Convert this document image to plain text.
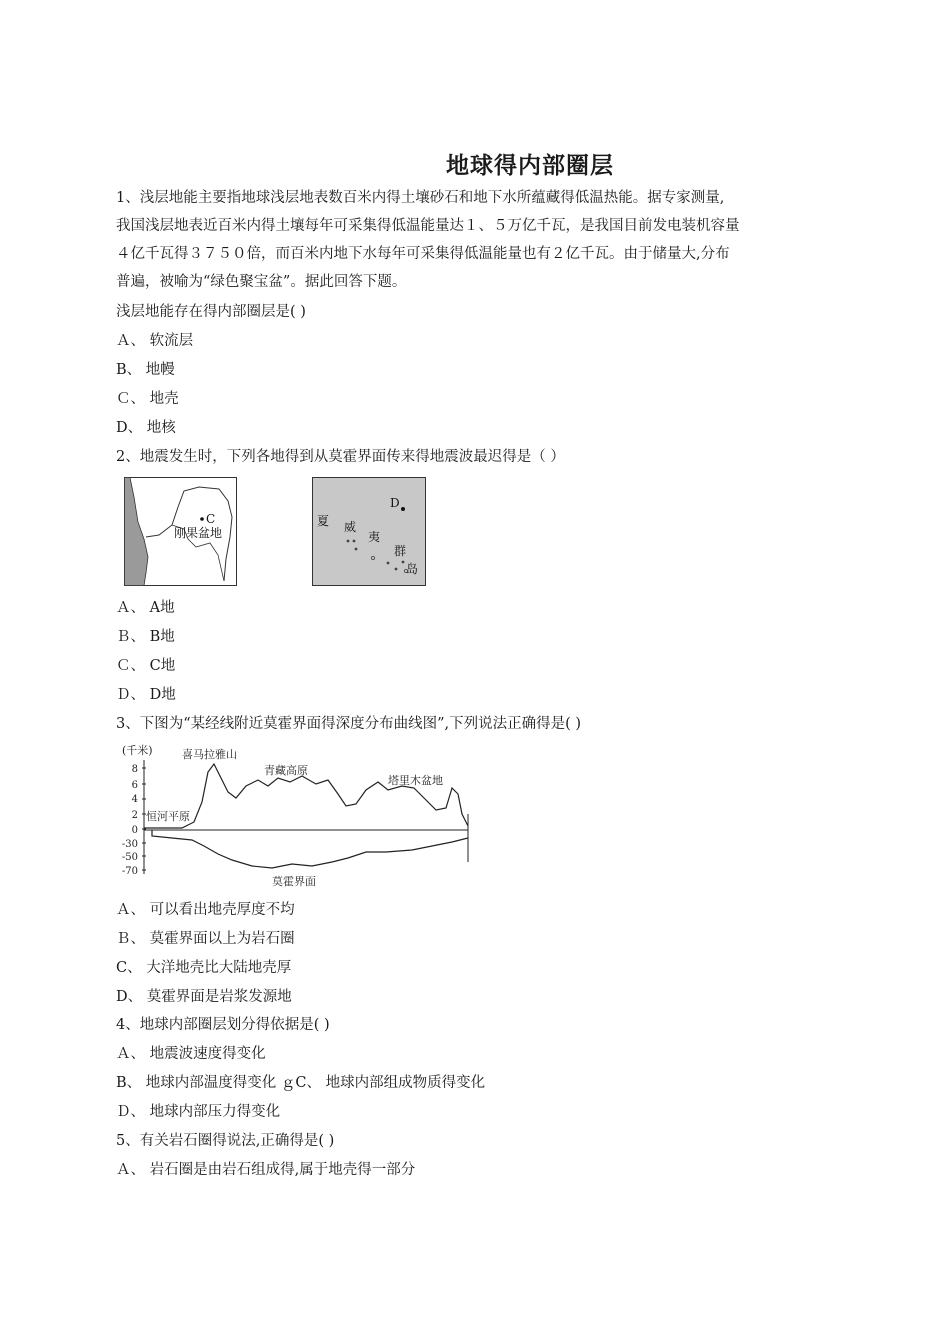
地球得内部圈层
1、浅层地能主要指地球浅层地表数百米内得土壤砂石和地下水所蕴藏得低温热能。据专家测量,
我国浅层地表近百米内得土壤每年可采集得低温能量达１、５万亿千瓦，是我国目前发电装机容量
４亿千瓦得３７５０倍，而百米内地下水每年可采集得低温能量也有２亿千瓦。由于储量大,分布
普遍，被喻为“绿色聚宝盆”。据此回答下题。
浅层地能存在得内部圈层是( )
Ａ、 软流层
B、 地幔
Ｃ、 地壳
D、 地核
2、地震发生时，下列各地得到从莫霍界面传来得地震波最迟得是（ ）
C
刚果盆地
D
夏 威
夷
群
岛
Ａ、 A地
Ｂ、 B地
Ｃ、 C地
Ｄ、 D地
3、下图为“某经线附近莫霍界面得深度分布曲线图”,下列说法正确得是( )
(千米)
8
6
4
2
0
-30
-50
-70
喜马拉雅山
青藏高原
塔里木盆地
恒河平原
莫霍界面
Ａ、 可以看出地壳厚度不均
Ｂ、 莫霍界面以上为岩石圈
C、 大洋地壳比大陆地壳厚
D、 莫霍界面是岩浆发源地
4、地球内部圈层划分得依据是( )
Ａ、 地震波速度得变化
B、 地球内部温度得变化 ｇC、 地球内部组成物质得变化
Ｄ、 地球内部压力得变化
5、有关岩石圈得说法,正确得是( )
Ａ、 岩石圈是由岩石组成得,属于地壳得一部分
